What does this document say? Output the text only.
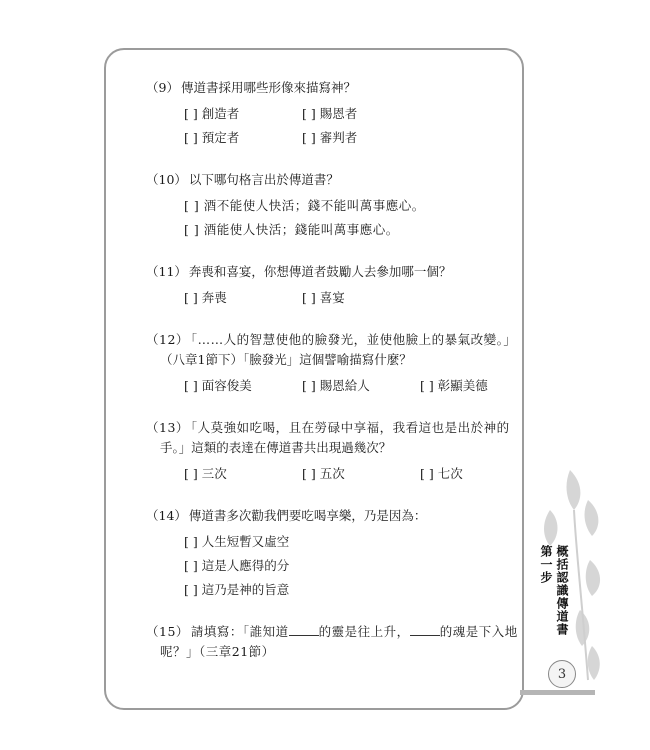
第一步 概括認識傳道書
3
（9） 傳道書採用哪些形像來描寫神？
[ ] 創造者	[ ] 賜恩者
[ ] 預定者	[ ] 審判者
（10） 以下哪句格言出於傳道書？
[ ] 酒不能使人快活；錢不能叫萬事應心。
[ ] 酒能使人快活；錢能叫萬事應心。
（11） 奔喪和喜宴，你想傳道者鼓勵人去參加哪一個？
[ ] 奔喪	[ ] 喜宴
（12） 「……人的智慧使他的臉發光，並使他臉上的暴氣改變。」
（八章1節下）「臉發光」這個譬喻描寫什麼？
[ ] 面容俊美	[ ] 賜恩給人	[ ] 彰顯美德
（13） 「人莫強如吃喝，且在勞碌中享福，我看這也是出於神的
手。」這類的表達在傳道書共出現過幾次？
[ ] 三次	[ ] 五次	[ ] 七次
（14） 傳道書多次勸我們要吃喝享樂，乃是因為：
[ ] 人生短暫又虛空
[ ] 這是人應得的分
[ ] 這乃是神的旨意
（15） 請填寫：「誰知道 的靈是往上升， 的魂是下入地
呢？」（三章21節）
